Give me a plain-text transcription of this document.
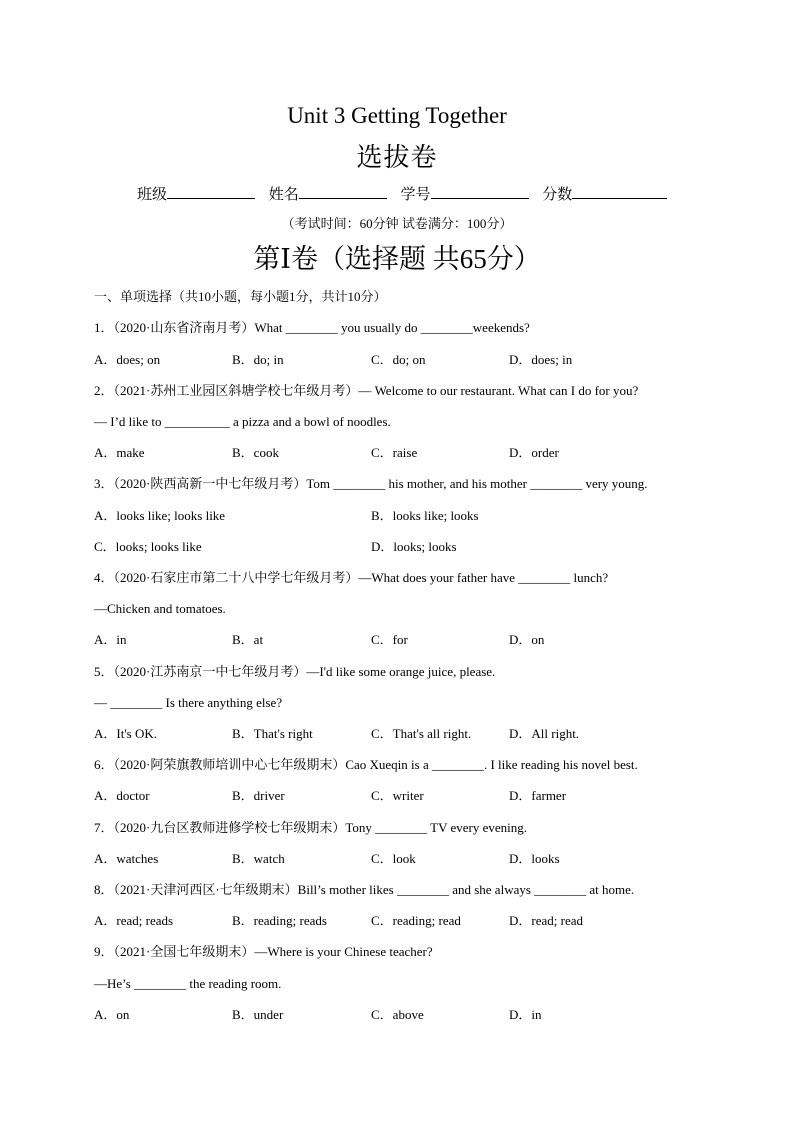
Unit 3 Getting Together
选拔卷
班级	姓名	学号	分数
（考试时间：60分钟 试卷满分：100分）
第Ⅰ卷（选择题 共65分）
一、单项选择（共10小题，每小题1分，共计10分）
1．（2020·山东省济南月考）What ________ you usually do ________weekends?
A．does; on	B．do; in	C．do; on	D．does; in
2．（2021·苏州工业园区斜塘学校七年级月考）— Welcome to our restaurant. What can I do for you?
— I’d like to __________ a pizza and a bowl of noodles.
A．make	B．cook	C．raise	D．order
3．（2020·陕西高新一中七年级月考）Tom ________ his mother, and his mother ________ very young.
A．looks like; looks like	B．looks like; looks
C．looks; looks like	D．looks; looks
4．（2020·石家庄市第二十八中学七年级月考）—What does your father have ________ lunch?
—Chicken and tomatoes.
A．in	B．at	C．for	D．on
5．（2020·江苏南京一中七年级月考）—I'd like some orange juice, please.
— ________ Is there anything else?
A．It's OK.	B．That's right	C．That's all right.	D．All right.
6．（2020·阿荣旗教师培训中心七年级期末）Cao Xueqin is a ________. I like reading his novel best.
A．doctor	B．driver	C．writer	D．farmer
7．（2020·九台区教师进修学校七年级期末）Tony ________ TV every evening.
A．watches	B．watch	C．look	D．looks
8．（2021·天津河西区·七年级期末）Bill’s mother likes ________ and she always ________ at home.
A．read; reads	B．reading; reads	C．reading; read	D．read; read
9．（2021·全国七年级期末）—Where is your Chinese teacher?
—He’s ________ the reading room.
A．on	B．under	C．above	D．in
